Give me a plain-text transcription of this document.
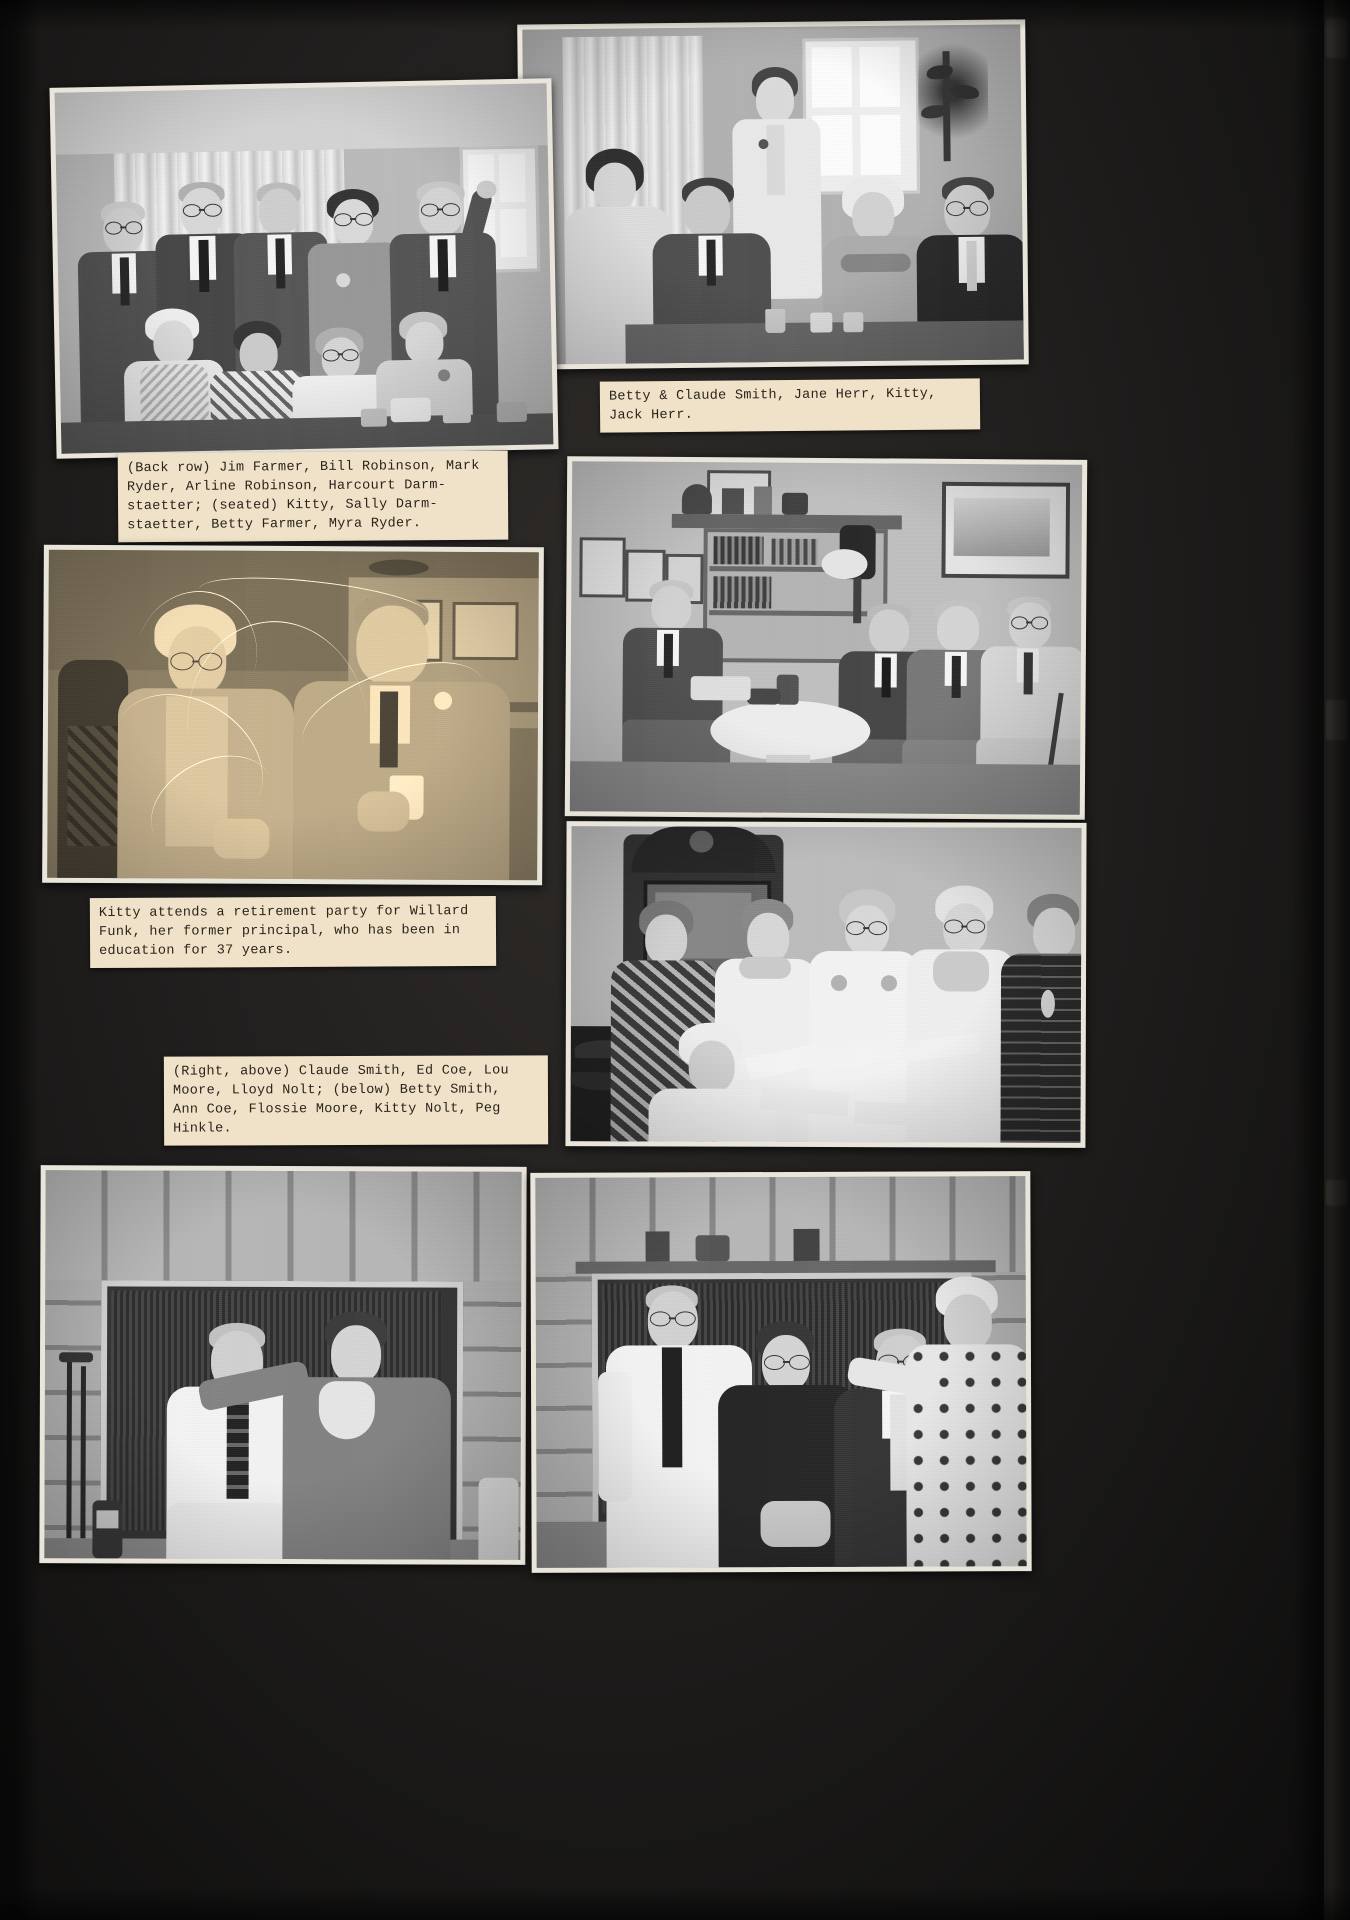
Betty & Claude Smith, Jane Herr, Kitty,
Jack Herr.
(Back row) Jim Farmer, Bill Robinson, Mark
Ryder, Arline Robinson, Harcourt Darm-
staetter; (seated) Kitty, Sally Darm-
staetter, Betty Farmer, Myra Ryder.
Kitty attends a retirement party for Willard
Funk, her former principal, who has been in
education for 37 years.
(Right, above) Claude Smith, Ed Coe, Lou
Moore, Lloyd Nolt; (below) Betty Smith,
Ann Coe, Flossie Moore, Kitty Nolt, Peg
Hinkle.
